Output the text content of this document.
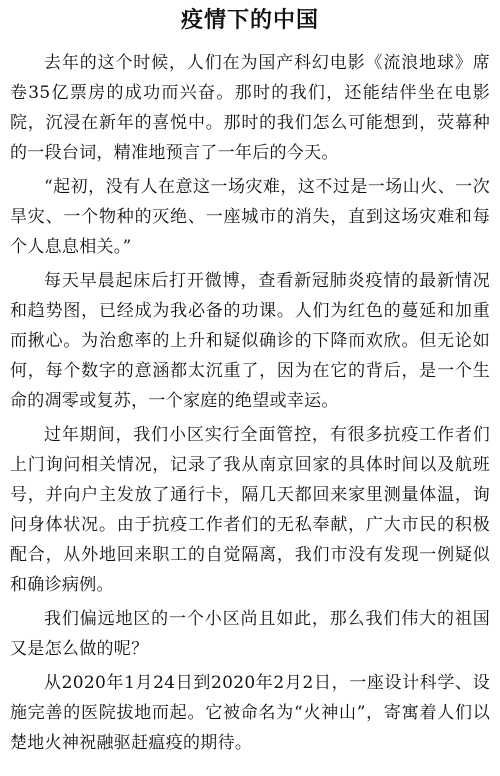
疫情下的中国

去年的这个时候，人们在为国产科幻电影《流浪地球》席卷35亿票房的成功而兴奋。那时的我们，还能结伴坐在电影院，沉浸在新年的喜悦中。那时的我们怎么可能想到，荧幕种的一段台词，精准地预言了一年后的今天。

“起初，没有人在意这一场灾难，这不过是一场山火、一次旱灾、一个物种的灭绝、一座城市的消失，直到这场灾难和每个人息息相关。”

每天早晨起床后打开微博，查看新冠肺炎疫情的最新情况和趋势图，已经成为我必备的功课。人们为红色的蔓延和加重而揪心。为治愈率的上升和疑似确诊的下降而欢欣。但无论如何，每个数字的意涵都太沉重了，因为在它的背后，是一个生命的凋零或复苏，一个家庭的绝望或幸运。

过年期间，我们小区实行全面管控，有很多抗疫工作者们上门询问相关情况，记录了我从南京回家的具体时间以及航班号，并向户主发放了通行卡，隔几天都回来家里测量体温，询问身体状况。由于抗疫工作者们的无私奉献，广大市民的积极配合，从外地回来职工的自觉隔离，我们市没有发现一例疑似和确诊病例。

我们偏远地区的一个小区尚且如此，那么我们伟大的祖国又是怎么做的呢？

从2020年1月24日到2020年2月2日，一座设计科学、设施完善的医院拔地而起。它被命名为“火神山”，寄寓着人们以楚地火神祝融驱赶瘟疫的期待。
